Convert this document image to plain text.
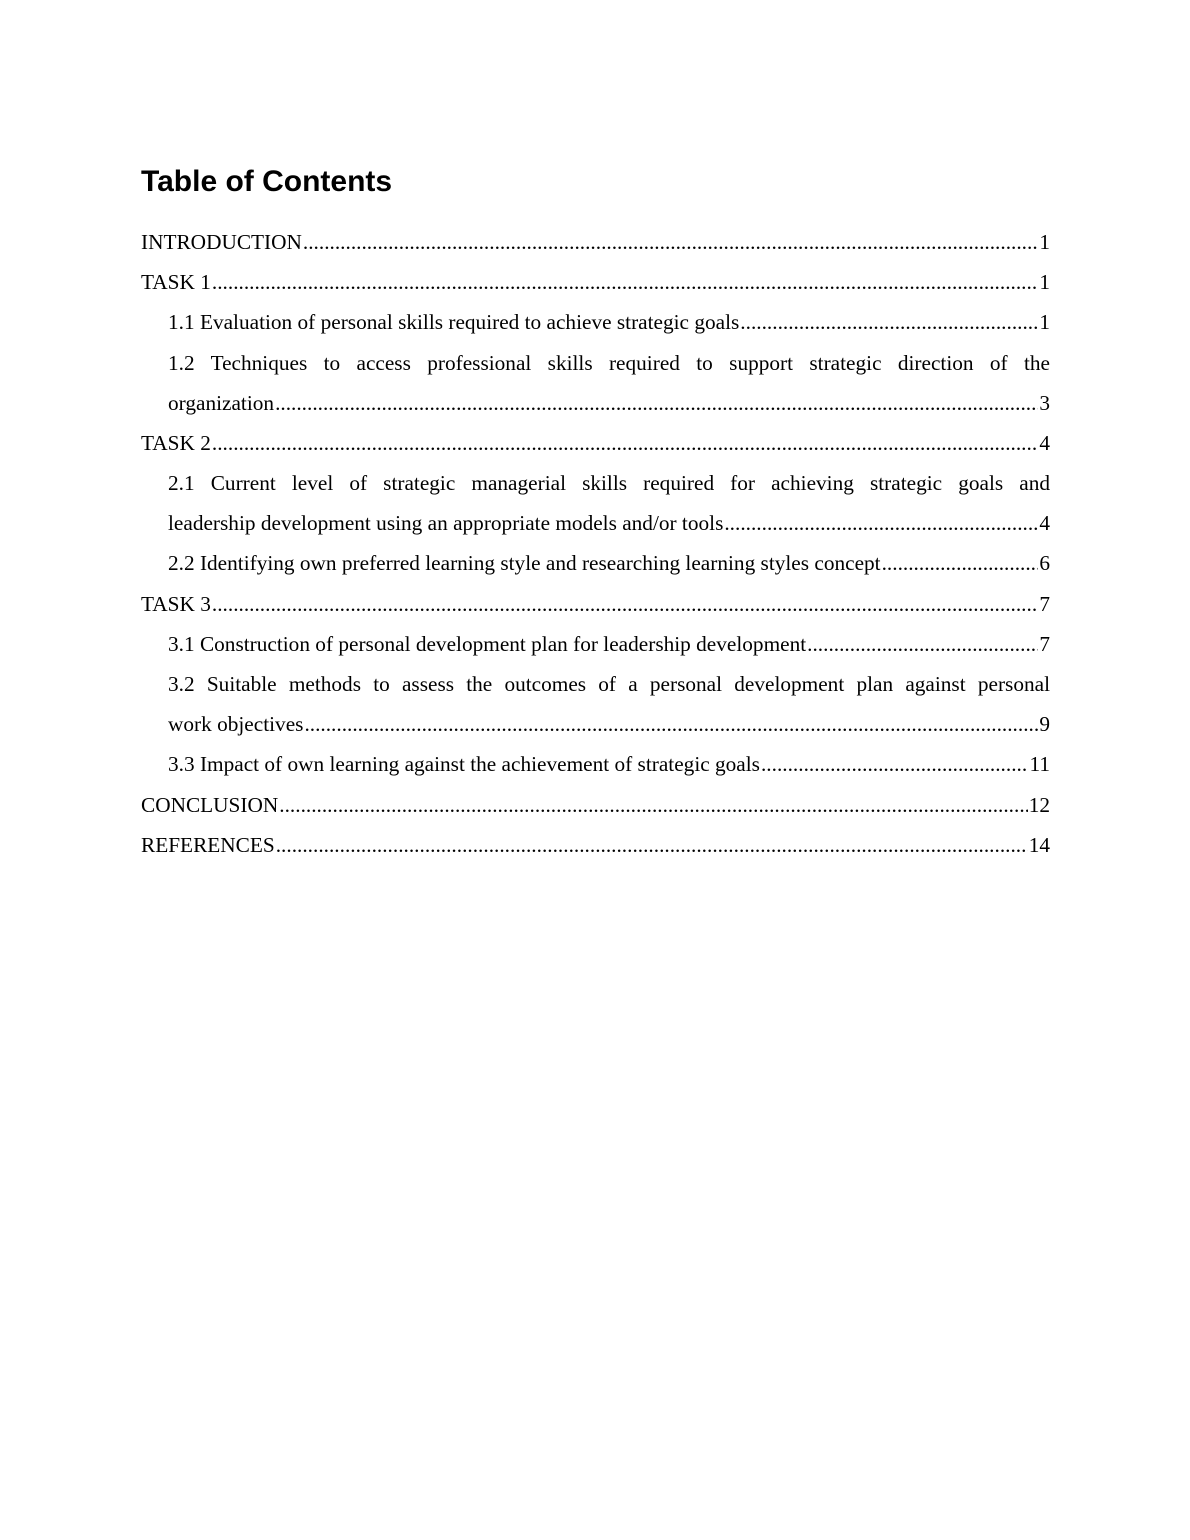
Table of Contents
INTRODUCTION .....	1
TASK 1 .....	1
1.1 Evaluation of personal skills required to achieve strategic goals .....	1
1.2 Techniques to access professional skills required to support strategic direction of the
organization .....	3
TASK 2 .....	4
2.1 Current level of strategic managerial skills required for achieving strategic goals and
leadership development using an appropriate models and/or tools .....	4
2.2 Identifying own preferred learning style and researching learning styles concept .....	6
TASK 3 .....	7
3.1 Construction of personal development plan for leadership development .....	7
3.2 Suitable methods to assess the outcomes of a personal development plan against personal
work objectives .....	9
3.3 Impact of own learning against the achievement of strategic goals .....	11
CONCLUSION .....	12
REFERENCES .....	14
